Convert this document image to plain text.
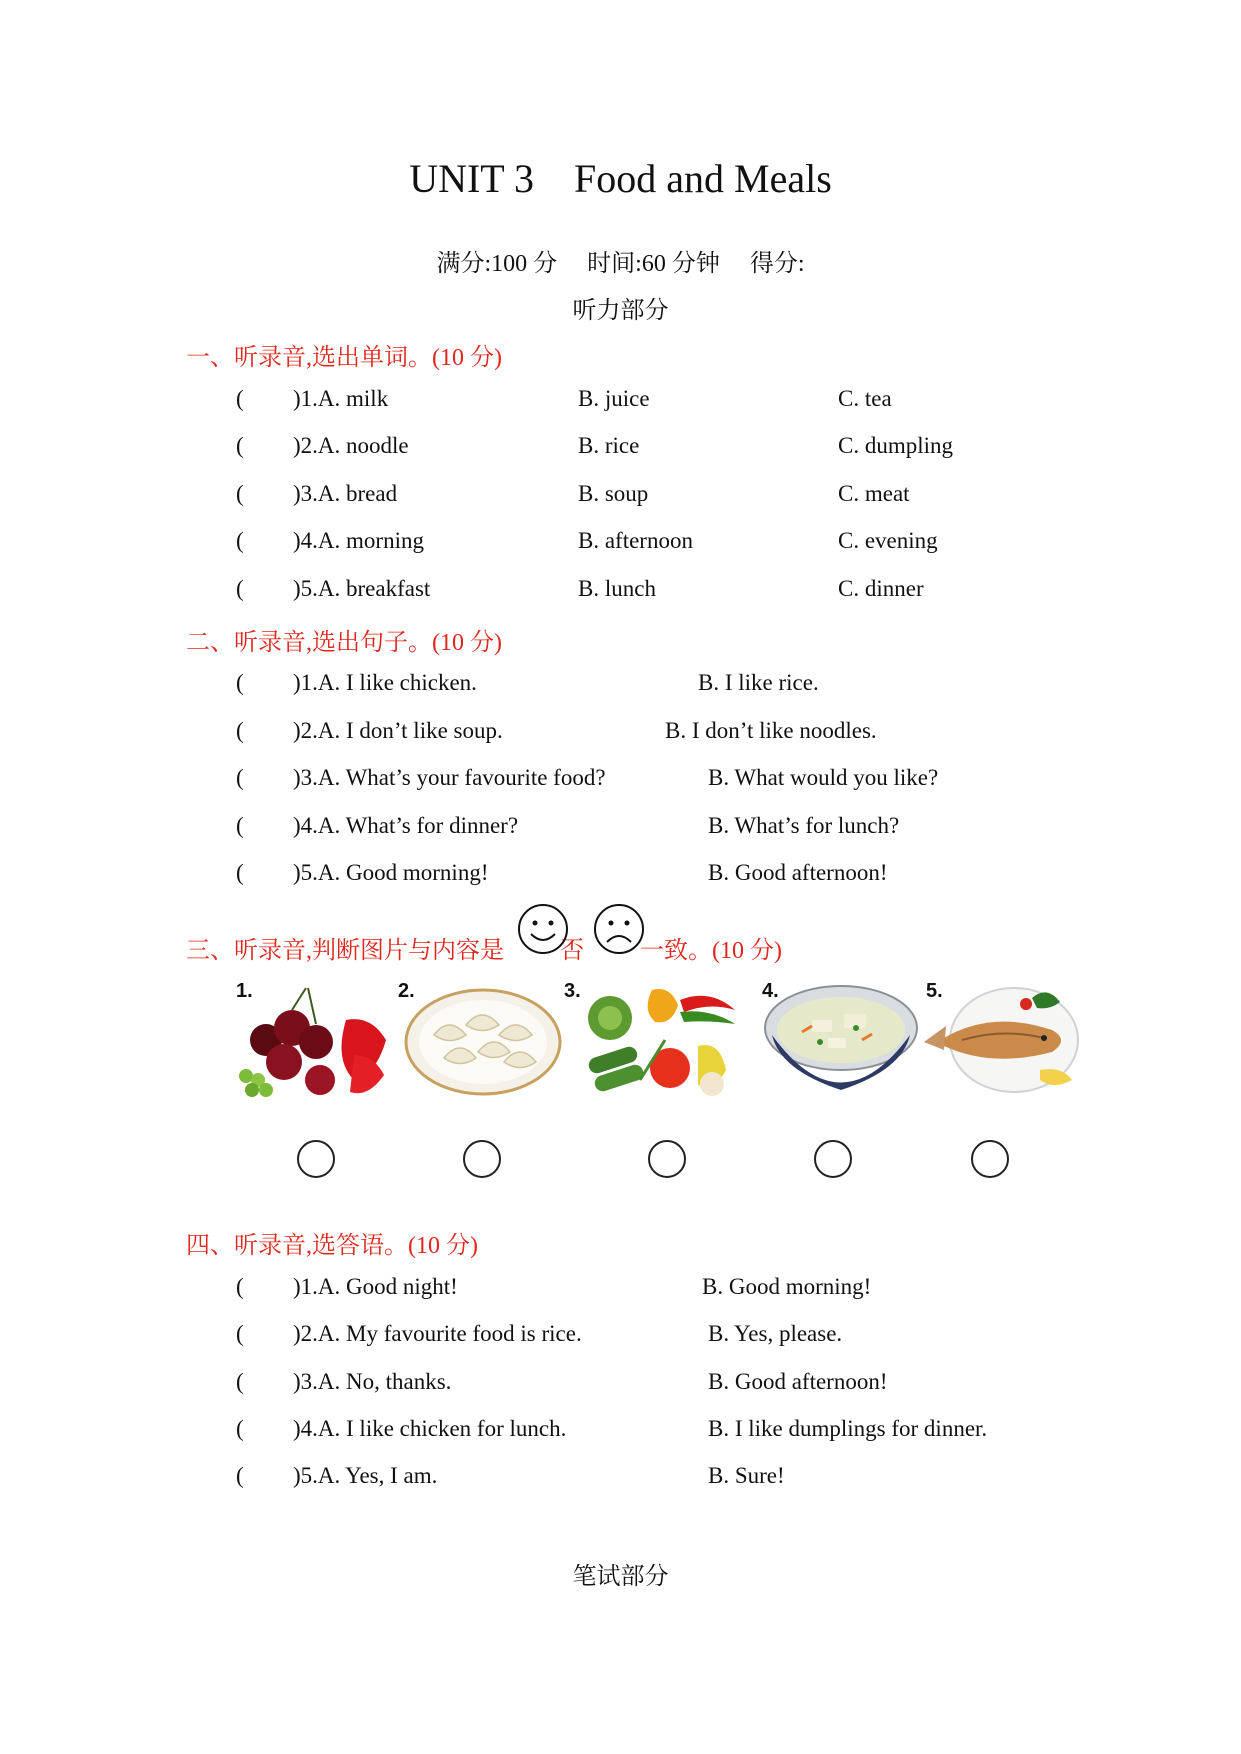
UNIT 3 Food and Meals
满分:100 分 时间:60 分钟 得分:
听力部分
一、听录音,选出单词。(10 分)
( )1.A. milk	B. juice	C. tea
( )2.A. noodle	B. rice	C. dumpling
( )3.A. bread	B. soup	C. meat
( )4.A. morning	B. afternoon	C. evening
( )5.A. breakfast	B. lunch	C. dinner
二、听录音,选出句子。(10 分)
( )1.A. I like chicken.	B. I like rice.
( )2.A. I don’t like soup.	B. I don’t like noodles.
( )3.A. What’s your favourite food?	B. What would you like?
( )4.A. What’s for dinner?	B. What’s for lunch?
( )5.A. Good morning!	B. Good afternoon!
三、听录音,判断图片与内容是 否 一致。(10 分)
1.	2.	3.	4.	5.
四、听录音,选答语。(10 分)
( )1.A. Good night!	B. Good morning!
( )2.A. My favourite food is rice.	B. Yes, please.
( )3.A. No, thanks.	B. Good afternoon!
( )4.A. I like chicken for lunch.	B. I like dumplings for dinner.
( )5.A. Yes, I am.	B. Sure!
笔试部分
